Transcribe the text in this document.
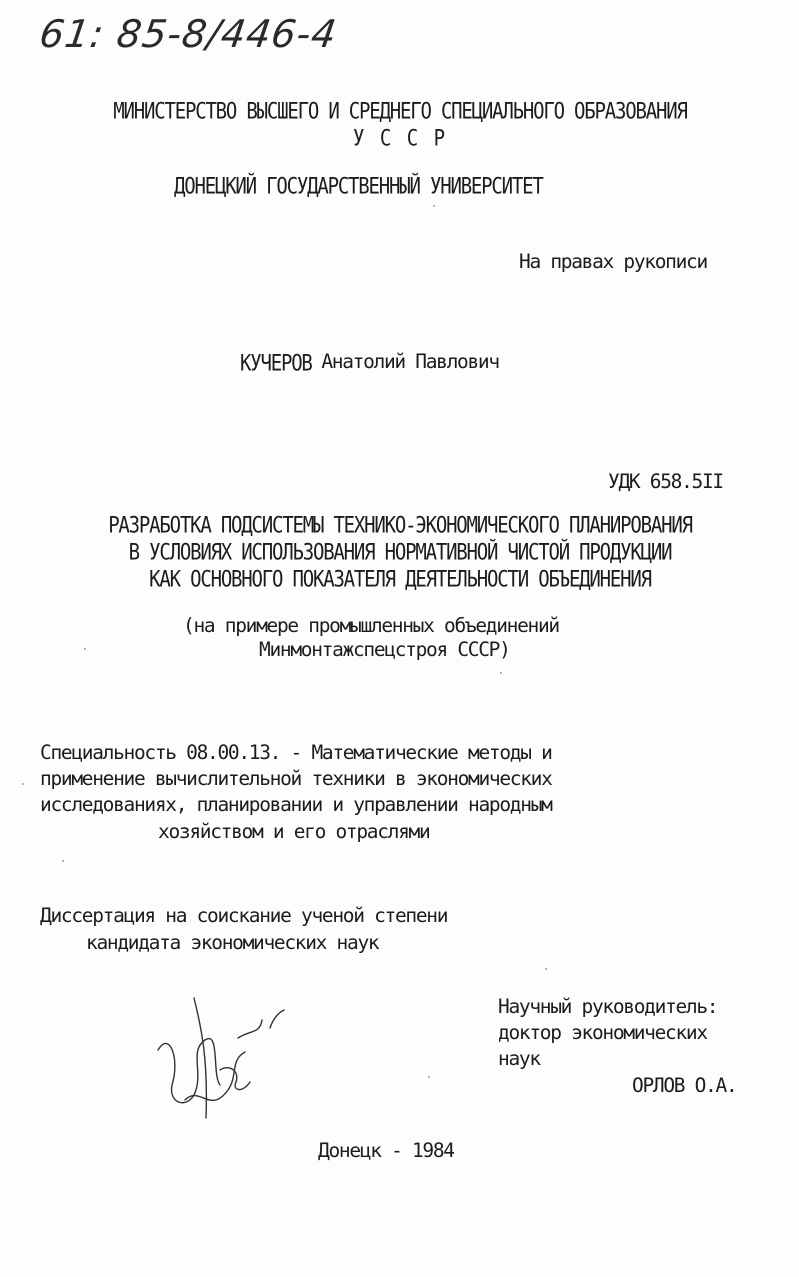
61: 85-8/446-4
МИНИСТЕРСТВО ВЫСШЕГО И СРЕДНЕГО СПЕЦИАЛЬНОГО ОБРАЗОВАНИЯ
У С С Р
ДОНЕЦКИЙ ГОСУДАРСТВЕННЫЙ УНИВЕРСИТЕТ
На правах рукописи
КУЧЕРОВ Анатолий Павлович
УДК 658.5II
РАЗРАБОТКА ПОДСИСТЕМЫ ТЕХНИКО-ЭКОНОМИЧЕСКОГО ПЛАНИРОВАНИЯ
В УСЛОВИЯХ ИСПОЛЬЗОВАНИЯ НОРМАТИВНОЙ ЧИСТОЙ ПРОДУКЦИИ
КАК ОСНОВНОГО ПОКАЗАТЕЛЯ ДЕЯТЕЛЬНОСТИ ОБЪЕДИНЕНИЯ
(на примере промышленных объединений
Минмонтажспецстроя СССР)
Специальность 08.00.13. - Математические методы и
применение вычислительной техники в экономических
исследованиях, планировании и управлении народным
хозяйством и его отраслями
Диссертация на соискание ученой степени
кандидата экономических наук
Научный руководитель:
доктор экономических
наук
ОРЛОВ О.А.
Донецк - 1984
